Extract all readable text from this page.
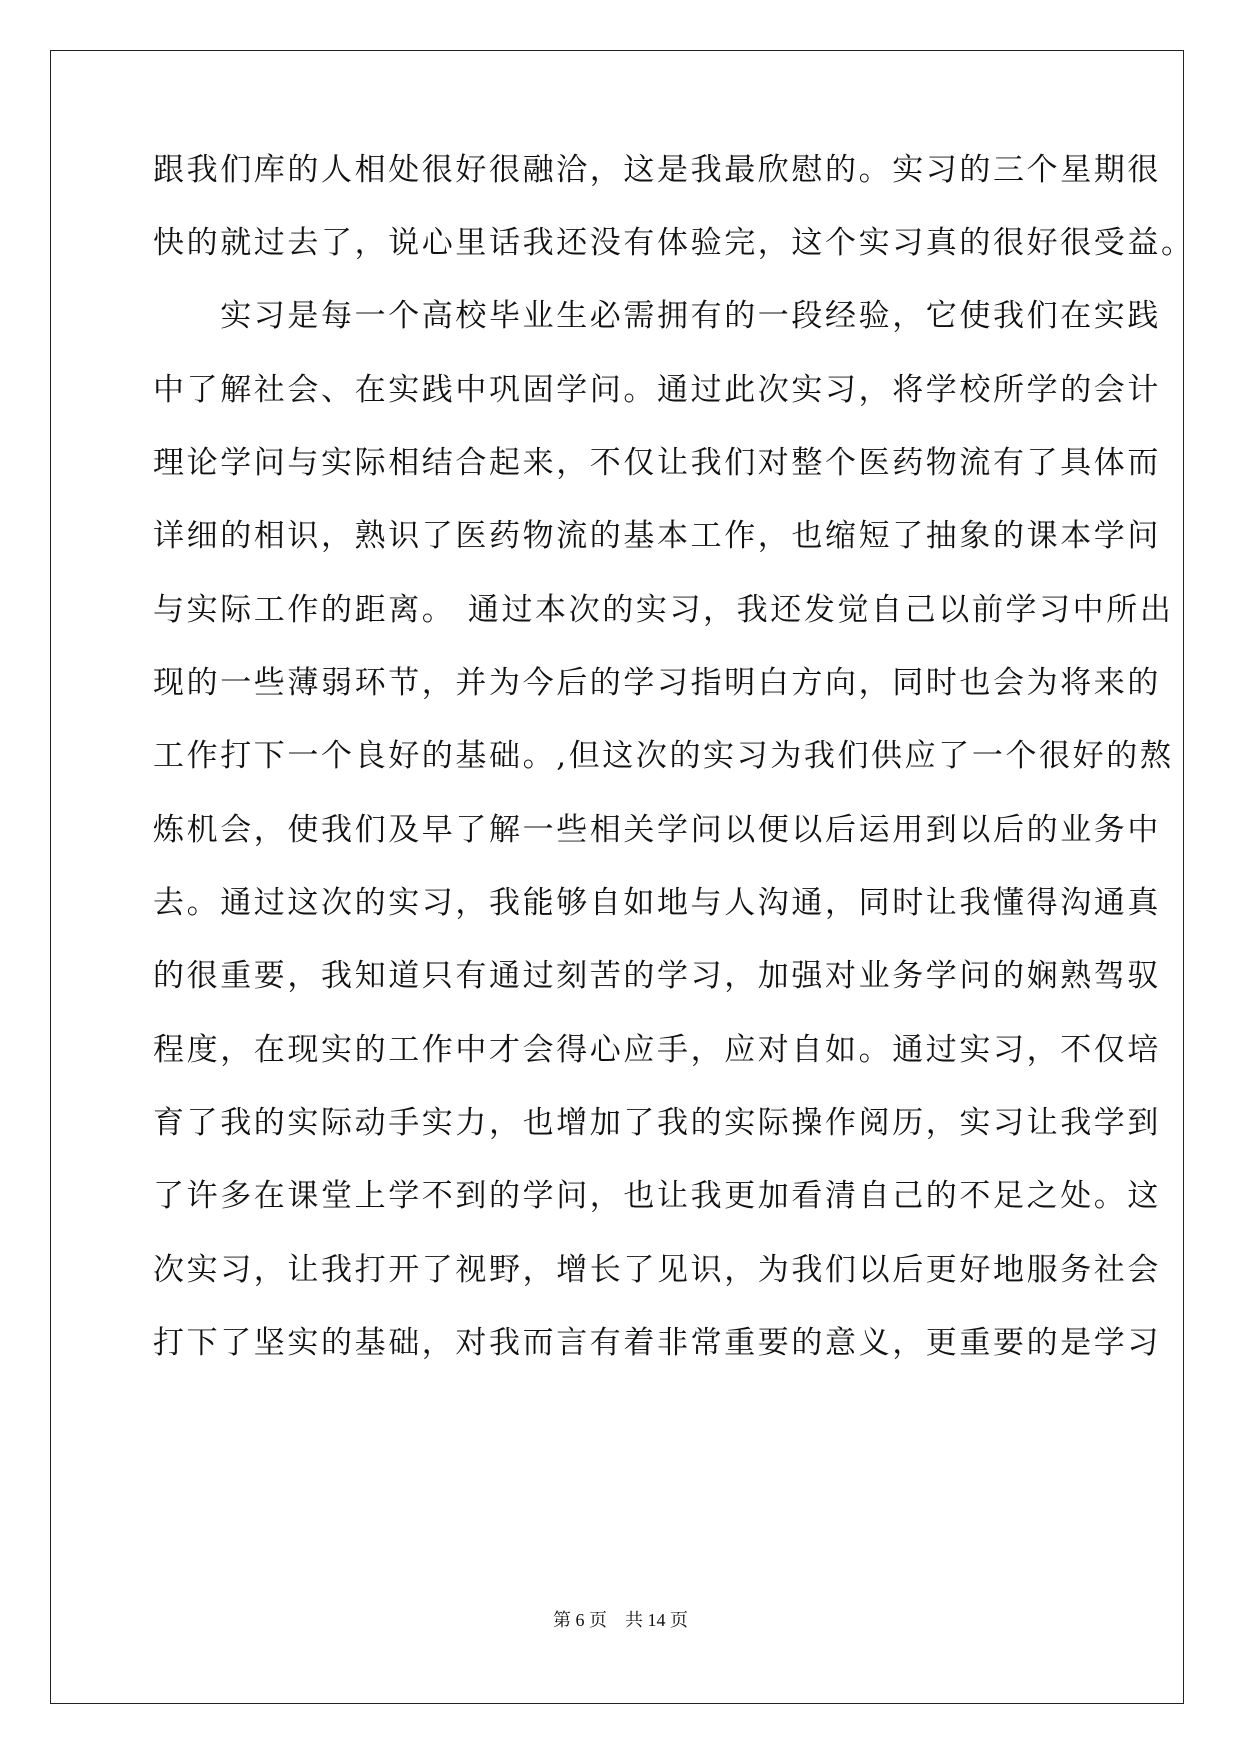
跟我们库的人相处很好很融洽，这是我最欣慰的。实习的三个星期很
快的就过去了，说心里话我还没有体验完，这个实习真的很好很受益。
　　实习是每一个高校毕业生必需拥有的一段经验，它使我们在实践
中了解社会、在实践中巩固学问。通过此次实习，将学校所学的会计
理论学问与实际相结合起来，不仅让我们对整个医药物流有了具体而
详细的相识，熟识了医药物流的基本工作，也缩短了抽象的课本学问
与实际工作的距离。 通过本次的实习，我还发觉自己以前学习中所出
现的一些薄弱环节，并为今后的学习指明白方向，同时也会为将来的
工作打下一个良好的基础。,但这次的实习为我们供应了一个很好的熬
炼机会，使我们及早了解一些相关学问以便以后运用到以后的业务中
去。通过这次的实习，我能够自如地与人沟通，同时让我懂得沟通真
的很重要，我知道只有通过刻苦的学习，加强对业务学问的娴熟驾驭
程度，在现实的工作中才会得心应手，应对自如。通过实习，不仅培
育了我的实际动手实力，也增加了我的实际操作阅历，实习让我学到
了许多在课堂上学不到的学问，也让我更加看清自己的不足之处。这
次实习，让我打开了视野，增长了见识，为我们以后更好地服务社会
打下了坚实的基础，对我而言有着非常重要的意义，更重要的是学习
第 6 页 共 14 页
